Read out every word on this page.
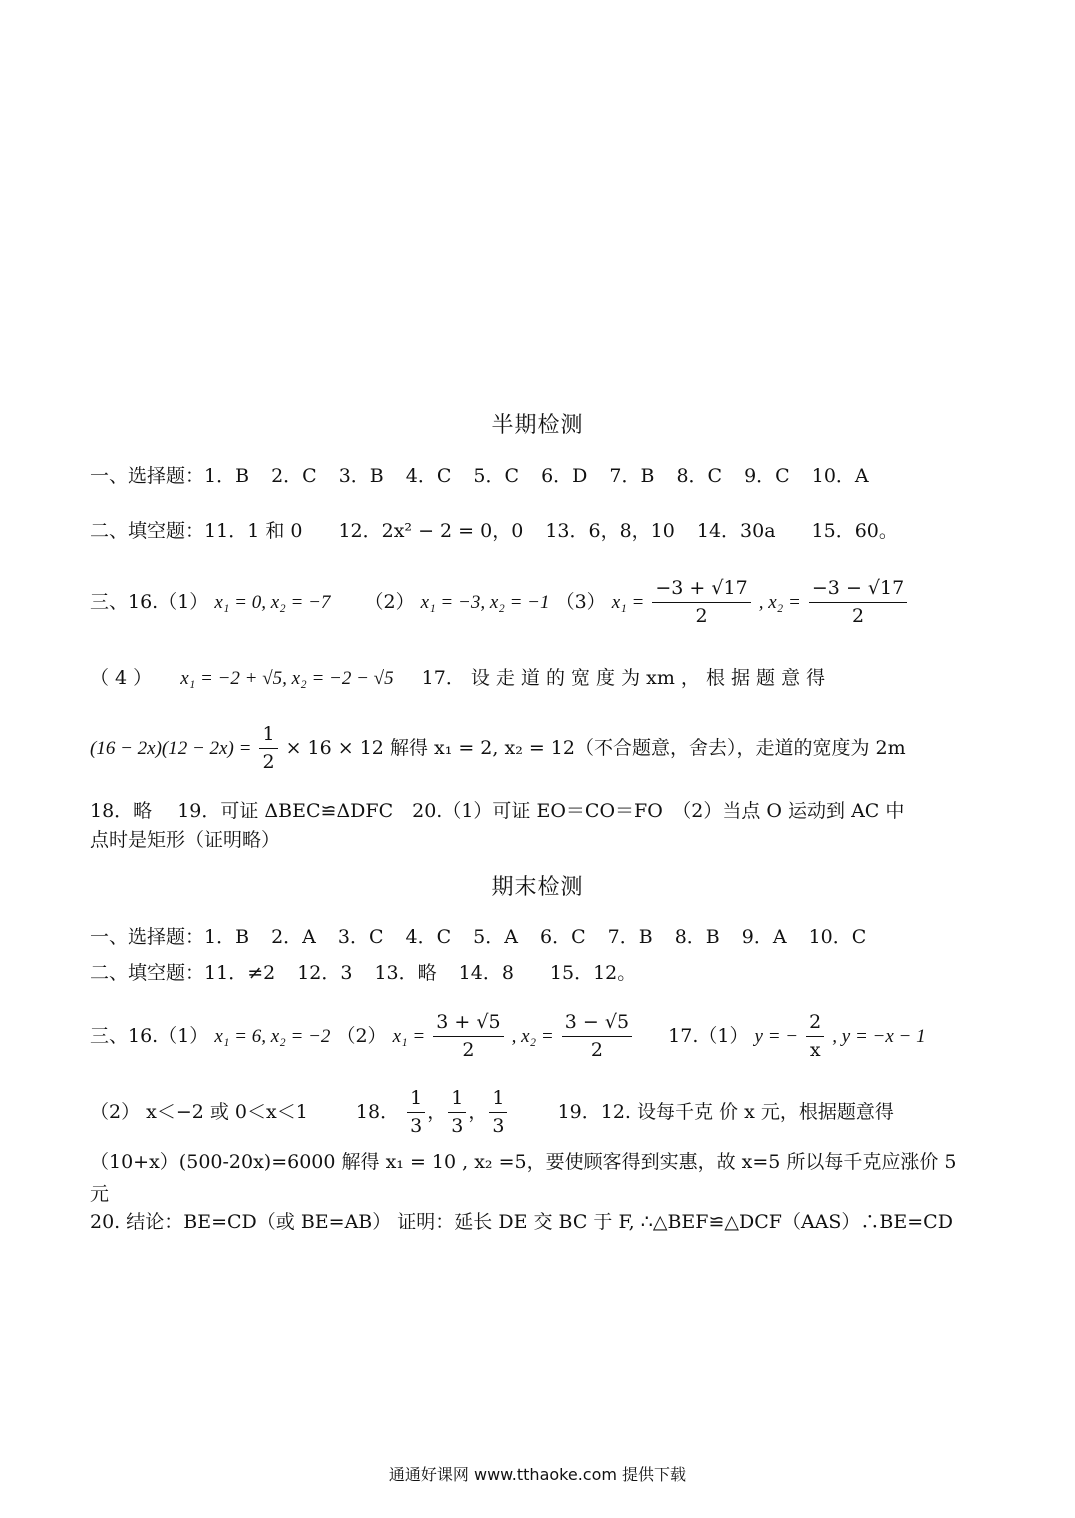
半期检测
一、选择题：1．B 2．C 3．B 4．C 5．C 6．D 7．B 8．C 9．C 10．A
二、填空题：11．1 和 0 12．2x² − 2 = 0，0 13．6，8，10 14．30a 15．60。
三、16.（1） x₁ = 0, x₂ = −7 （2） x₁ = −3, x₂ = −1 （3） $x_1 = \frac{-3 + √17}{2}$ , $x_2 = \frac{-3 - √17}{2}$
（ 4 ） x₁ = −2 + √5, x₂ = −2 − √5 17． 设 走 道 的 宽 度 为 xm ， 根 据 题 意 得
$(16 - 2x)(12 - 2x) = \frac{1}{2} \times 16 \times 12$ 解得 x₁ = 2, x₂ = 12（不合题意，舍去），走道的宽度为 2m
18．略　 19．可证 ΔBEC≌ΔDFC　20.（1）可证 EO＝CO＝FO　（2）当点 O 运动到 AC 中
点时是矩形（证明略）
期末检测
一、选择题：1．B 2．A 3．C 4．C 5．A 6．C 7．B 8．B 9．A 10．C
二、填空题：11．≠2 12．3 13．略 14．8 15．12。
三、16.（1） x₁ = 6, x₂ = −2 （2） $x_1 = \frac{3 + √5}{2}$ , $x_2 = \frac{3 - √5}{2} 17.(1) y$ = − $\frac{2}{x}$ , y = −x − 1
（2） x＜−2 或 0＜x＜1	18． $\frac{1}{3}$ ， $\frac{1}{3}$ ， $\frac{1}{3}$	19．12. 设每千克 价 x 元，根据题意得
（10+x）(500-20x)=6000 解得 x₁ = 10 , x₂ =5，要使顾客得到实惠，故 x=5 所以每千克应涨价 5
元
20. 结论：BE=CD（或 BE=AB） 证明：延长 DE 交 BC 于 F, ∴△BEF≌△DCF（AAS）∴BE=CD
通通好课网 www.tthaoke.com 提供下载
